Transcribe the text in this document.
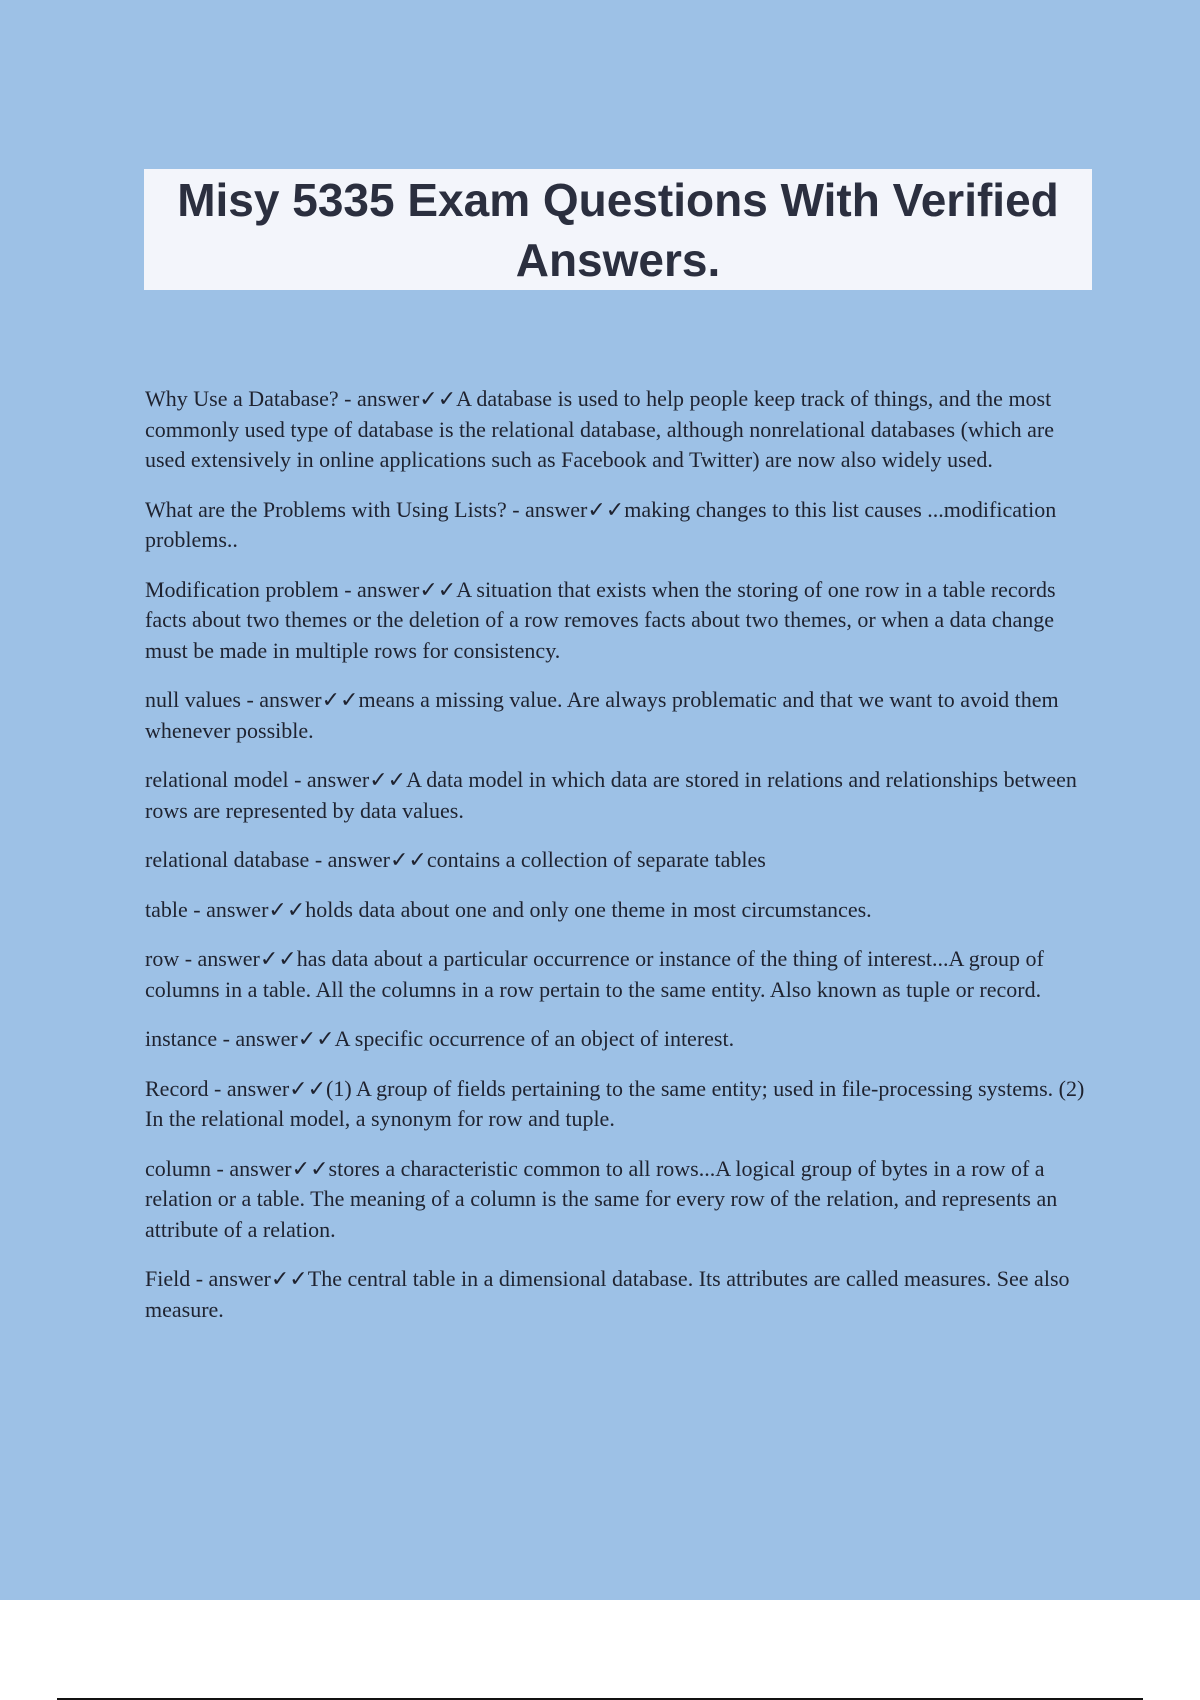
Misy 5335 Exam Questions With Verified Answers.

Why Use a Database? - answer✓✓A database is used to help people keep track of things, and the most commonly used type of database is the relational database, although nonrelational databases (which are used extensively in online applications such as Facebook and Twitter) are now also widely used.

What are the Problems with Using Lists? - answer✓✓making changes to this list causes ...modification problems..

Modification problem - answer✓✓A situation that exists when the storing of one row in a table records facts about two themes or the deletion of a row removes facts about two themes, or when a data change must be made in multiple rows for consistency.

null values - answer✓✓means a missing value. Are always problematic and that we want to avoid them whenever possible.

relational model - answer✓✓A data model in which data are stored in relations and relationships between rows are represented by data values.

relational database - answer✓✓contains a collection of separate tables

table - answer✓✓holds data about one and only one theme in most circumstances.

row - answer✓✓has data about a particular occurrence or instance of the thing of interest...A group of columns in a table. All the columns in a row pertain to the same entity. Also known as tuple or record.

instance - answer✓✓A specific occurrence of an object of interest.

Record - answer✓✓(1) A group of fields pertaining to the same entity; used in file-processing systems. (2) In the relational model, a synonym for row and tuple.

column - answer✓✓stores a characteristic common to all rows...A logical group of bytes in a row of a relation or a table. The meaning of a column is the same for every row of the relation, and represents an attribute of a relation.

Field - answer✓✓The central table in a dimensional database. Its attributes are called measures. See also measure.
